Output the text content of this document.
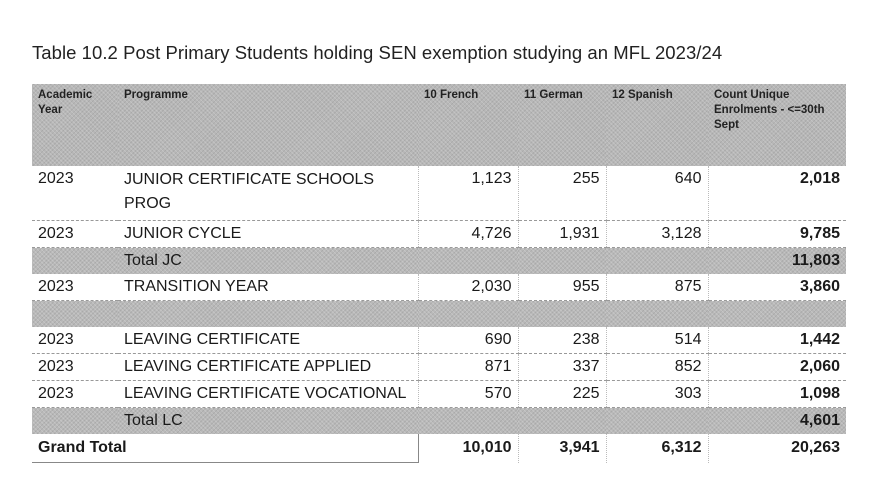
Table 10.2 Post Primary Students holding SEN exemption studying an MFL 2023/24
Academic Year	Programme	10 French	11 German	12 Spanish	Count Unique Enrolments - <=30th Sept
2023	JUNIOR CERTIFICATE SCHOOLS PROG	1,123	255	640	2,018
2023	JUNIOR CYCLE	4,726	1,931	3,128	9,785
	Total JC				11,803
2023	TRANSITION YEAR	2,030	955	875	3,860

2023	LEAVING CERTIFICATE	690	238	514	1,442
2023	LEAVING CERTIFICATE APPLIED	871	337	852	2,060
2023	LEAVING CERTIFICATE VOCATIONAL	570	225	303	1,098
	Total LC				4,601
Grand Total		10,010	3,941	6,312	20,263
